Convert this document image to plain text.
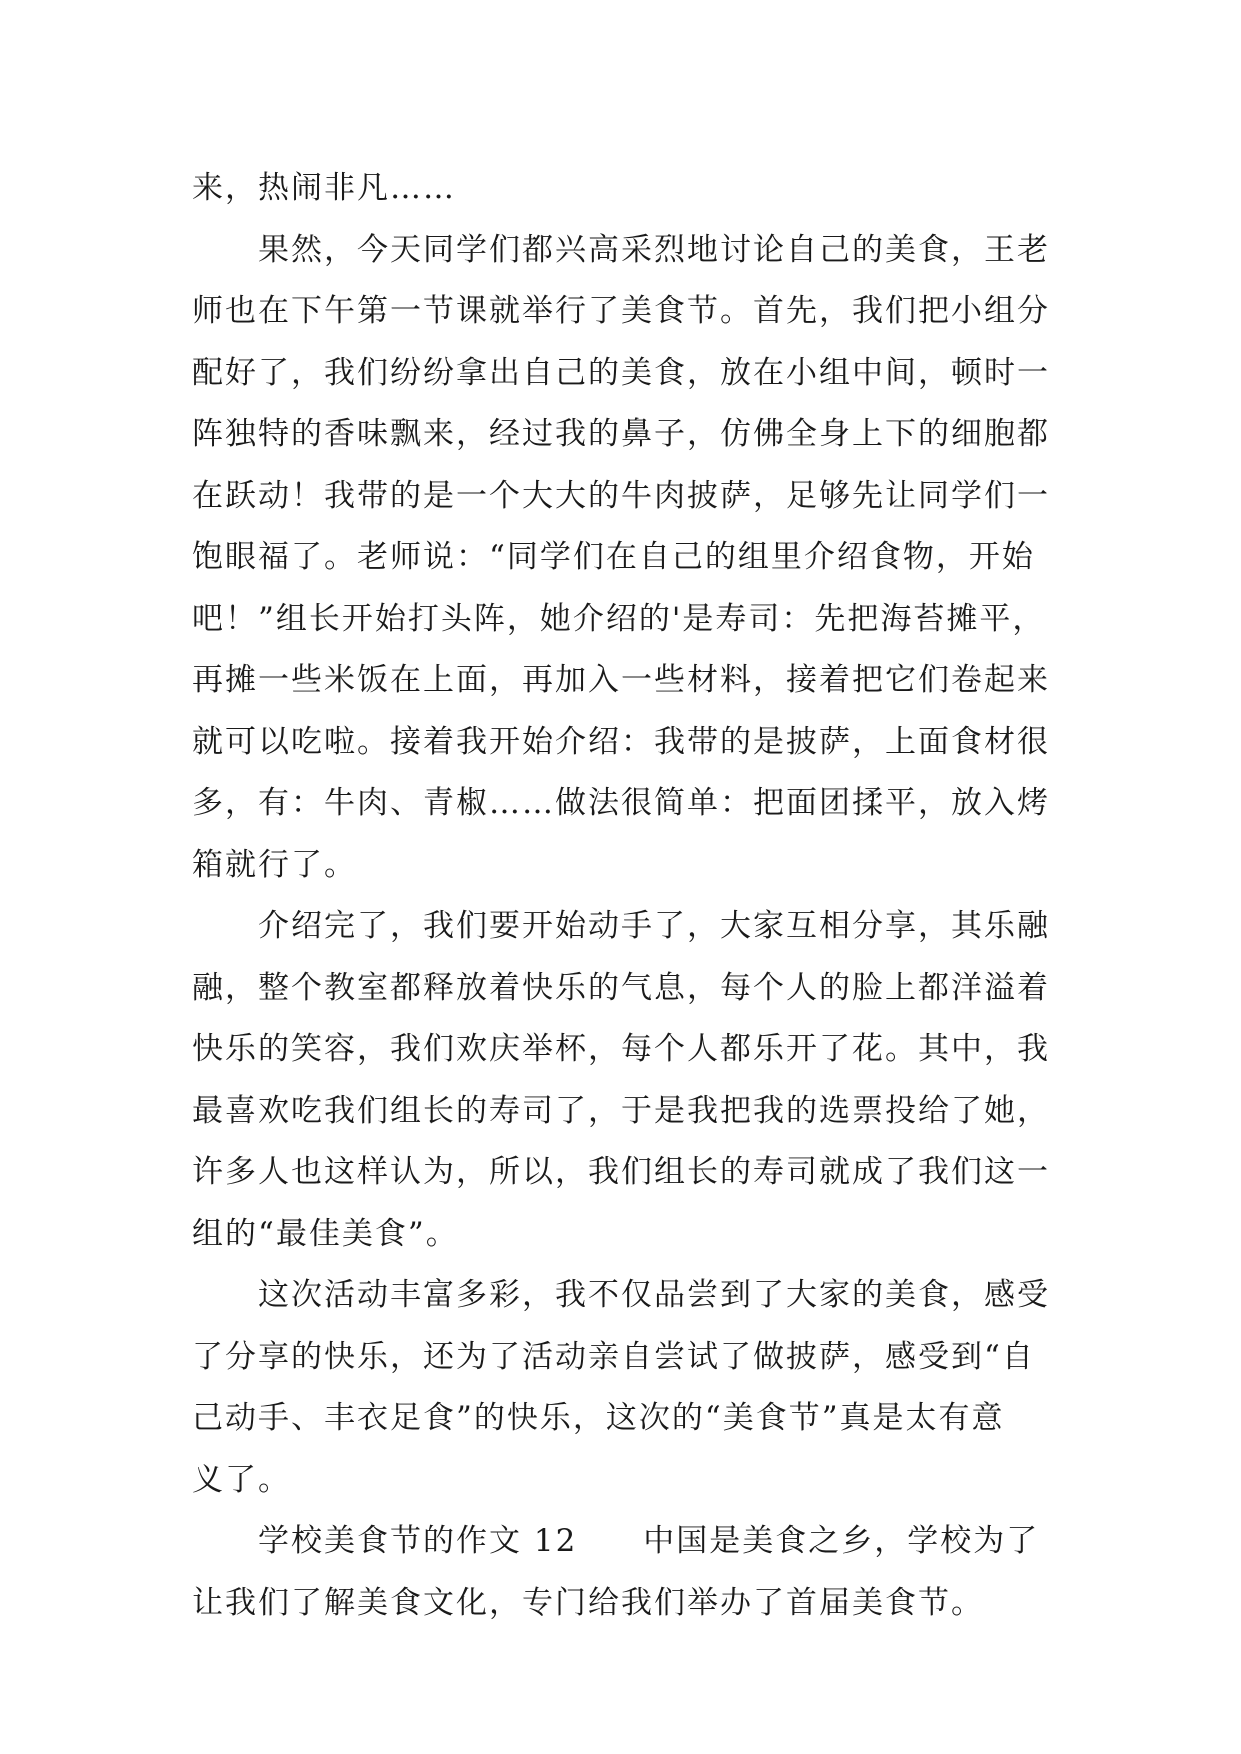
来，热闹非凡……
果然，今天同学们都兴高采烈地讨论自己的美食，王老
师也在下午第一节课就举行了美食节。首先，我们把小组分
配好了，我们纷纷拿出自己的美食，放在小组中间，顿时一
阵独特的香味飘来，经过我的鼻子，仿佛全身上下的细胞都
在跃动！我带的是一个大大的牛肉披萨，足够先让同学们一
饱眼福了。老师说：“同学们在自己的组里介绍食物，开始
吧！”组长开始打头阵，她介绍的'是寿司：先把海苔摊平，
再摊一些米饭在上面，再加入一些材料，接着把它们卷起来
就可以吃啦。接着我开始介绍：我带的是披萨，上面食材很
多，有：牛肉、青椒……做法很简单：把面团揉平，放入烤
箱就行了。
介绍完了，我们要开始动手了，大家互相分享，其乐融
融，整个教室都释放着快乐的气息，每个人的脸上都洋溢着
快乐的笑容，我们欢庆举杯，每个人都乐开了花。其中，我
最喜欢吃我们组长的寿司了，于是我把我的选票投给了她，
许多人也这样认为，所以，我们组长的寿司就成了我们这一
组的“最佳美食”。
这次活动丰富多彩，我不仅品尝到了大家的美食，感受
了分享的快乐，还为了活动亲自尝试了做披萨，感受到“自
己动手、丰衣足食”的快乐，这次的“美食节”真是太有意
义了。
学校美食节的作文 12　　中国是美食之乡，学校为了
让我们了解美食文化，专门给我们举办了首届美食节。
